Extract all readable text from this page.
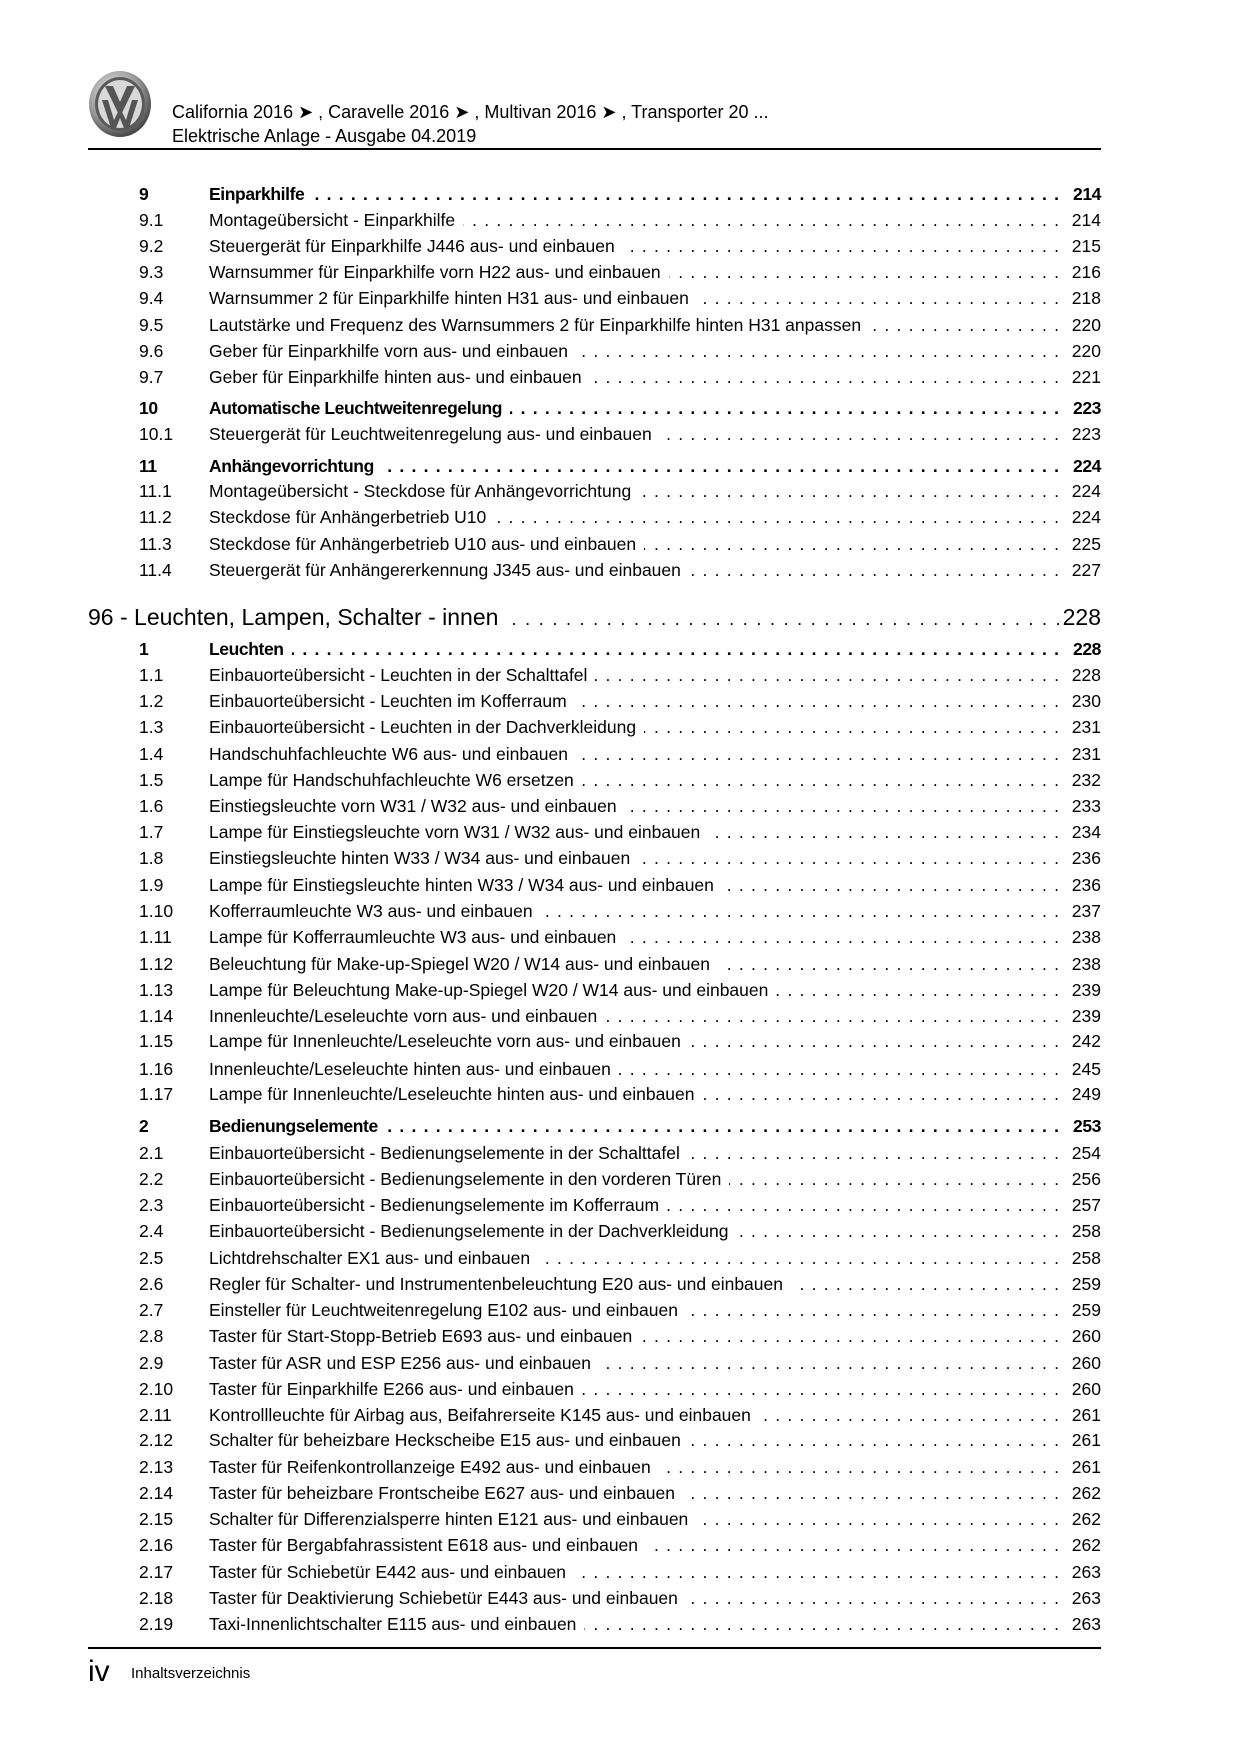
California 2016 ➤ , Caravelle 2016 ➤ , Multivan 2016 ➤ , Transporter 20 ...
Elektrische Anlage - Ausgabe 04.2019
9	Einparkhilfe . . .	214
9.1	Montageübersicht - Einparkhilfe . . .	214
9.2	Steuergerät für Einparkhilfe J446 aus- und einbauen . . .	215
9.3	Warnsummer für Einparkhilfe vorn H22 aus- und einbauen . . .	216
9.4	Warnsummer 2 für Einparkhilfe hinten H31 aus- und einbauen . . .	218
9.5	Lautstärke und Frequenz des Warnsummers 2 für Einparkhilfe hinten H31 anpassen . . .	220
9.6	Geber für Einparkhilfe vorn aus- und einbauen . . .	220
9.7	Geber für Einparkhilfe hinten aus- und einbauen . . .	221
10	Automatische Leuchtweitenregelung . . .	223
10.1	Steuergerät für Leuchtweitenregelung aus- und einbauen . . .	223
11	Anhängevorrichtung . . .	224
11.1	Montageübersicht - Steckdose für Anhängevorrichtung . . .	224
11.2	Steckdose für Anhängerbetrieb U10 . . .	224
11.3	Steckdose für Anhängerbetrieb U10 aus- und einbauen . . .	225
11.4	Steuergerät für Anhängererkennung J345 aus- und einbauen . . .	227
96 - Leuchten, Lampen, Schalter - innen . . .	228
1	Leuchten . . .	228
1.1	Einbauorteübersicht - Leuchten in der Schalttafel . . .	228
1.2	Einbauorteübersicht - Leuchten im Kofferraum . . .	230
1.3	Einbauorteübersicht - Leuchten in der Dachverkleidung . . .	231
1.4	Handschuhfachleuchte W6 aus- und einbauen . . .	231
1.5	Lampe für Handschuhfachleuchte W6 ersetzen . . .	232
1.6	Einstiegsleuchte vorn W31 / W32 aus- und einbauen . . .	233
1.7	Lampe für Einstiegsleuchte vorn W31 / W32 aus- und einbauen . . .	234
1.8	Einstiegsleuchte hinten W33 / W34 aus- und einbauen . . .	236
1.9	Lampe für Einstiegsleuchte hinten W33 / W34 aus- und einbauen . . .	236
1.10	Kofferraumleuchte W3 aus- und einbauen . . .	237
1.11	Lampe für Kofferraumleuchte W3 aus- und einbauen . . .	238
1.12	Beleuchtung für Make-up-Spiegel W20 / W14 aus- und einbauen . . .	238
1.13	Lampe für Beleuchtung Make-up-Spiegel W20 / W14 aus- und einbauen . . .	239
1.14	Innenleuchte/Leseleuchte vorn aus- und einbauen . . .	239
1.15	Lampe für Innenleuchte/Leseleuchte vorn aus- und einbauen . . .	242
1.16	Innenleuchte/Leseleuchte hinten aus- und einbauen . . .	245
1.17	Lampe für Innenleuchte/Leseleuchte hinten aus- und einbauen . . .	249
2	Bedienungselemente . . .	253
2.1	Einbauorteübersicht - Bedienungselemente in der Schalttafel . . .	254
2.2	Einbauorteübersicht - Bedienungselemente in den vorderen Türen . . .	256
2.3	Einbauorteübersicht - Bedienungselemente im Kofferraum . . .	257
2.4	Einbauorteübersicht - Bedienungselemente in der Dachverkleidung . . .	258
2.5	Lichtdrehschalter EX1 aus- und einbauen . . .	258
2.6	Regler für Schalter- und Instrumentenbeleuchtung E20 aus- und einbauen . . .	259
2.7	Einsteller für Leuchtweitenregelung E102 aus- und einbauen . . .	259
2.8	Taster für Start-Stopp-Betrieb E693 aus- und einbauen . . .	260
2.9	Taster für ASR und ESP E256 aus- und einbauen . . .	260
2.10	Taster für Einparkhilfe E266 aus- und einbauen . . .	260
2.11	Kontrollleuchte für Airbag aus, Beifahrerseite K145 aus- und einbauen . . .	261
2.12	Schalter für beheizbare Heckscheibe E15 aus- und einbauen . . .	261
2.13	Taster für Reifenkontrollanzeige E492 aus- und einbauen . . .	261
2.14	Taster für beheizbare Frontscheibe E627 aus- und einbauen . . .	262
2.15	Schalter für Differenzialsperre hinten E121 aus- und einbauen . . .	262
2.16	Taster für Bergabfahrassistent E618 aus- und einbauen . . .	262
2.17	Taster für Schiebetür E442 aus- und einbauen . . .	263
2.18	Taster für Deaktivierung Schiebetür E443 aus- und einbauen . . .	263
2.19	Taxi-Innenlichtschalter E115 aus- und einbauen . . .	263
iv Inhaltsverzeichnis
